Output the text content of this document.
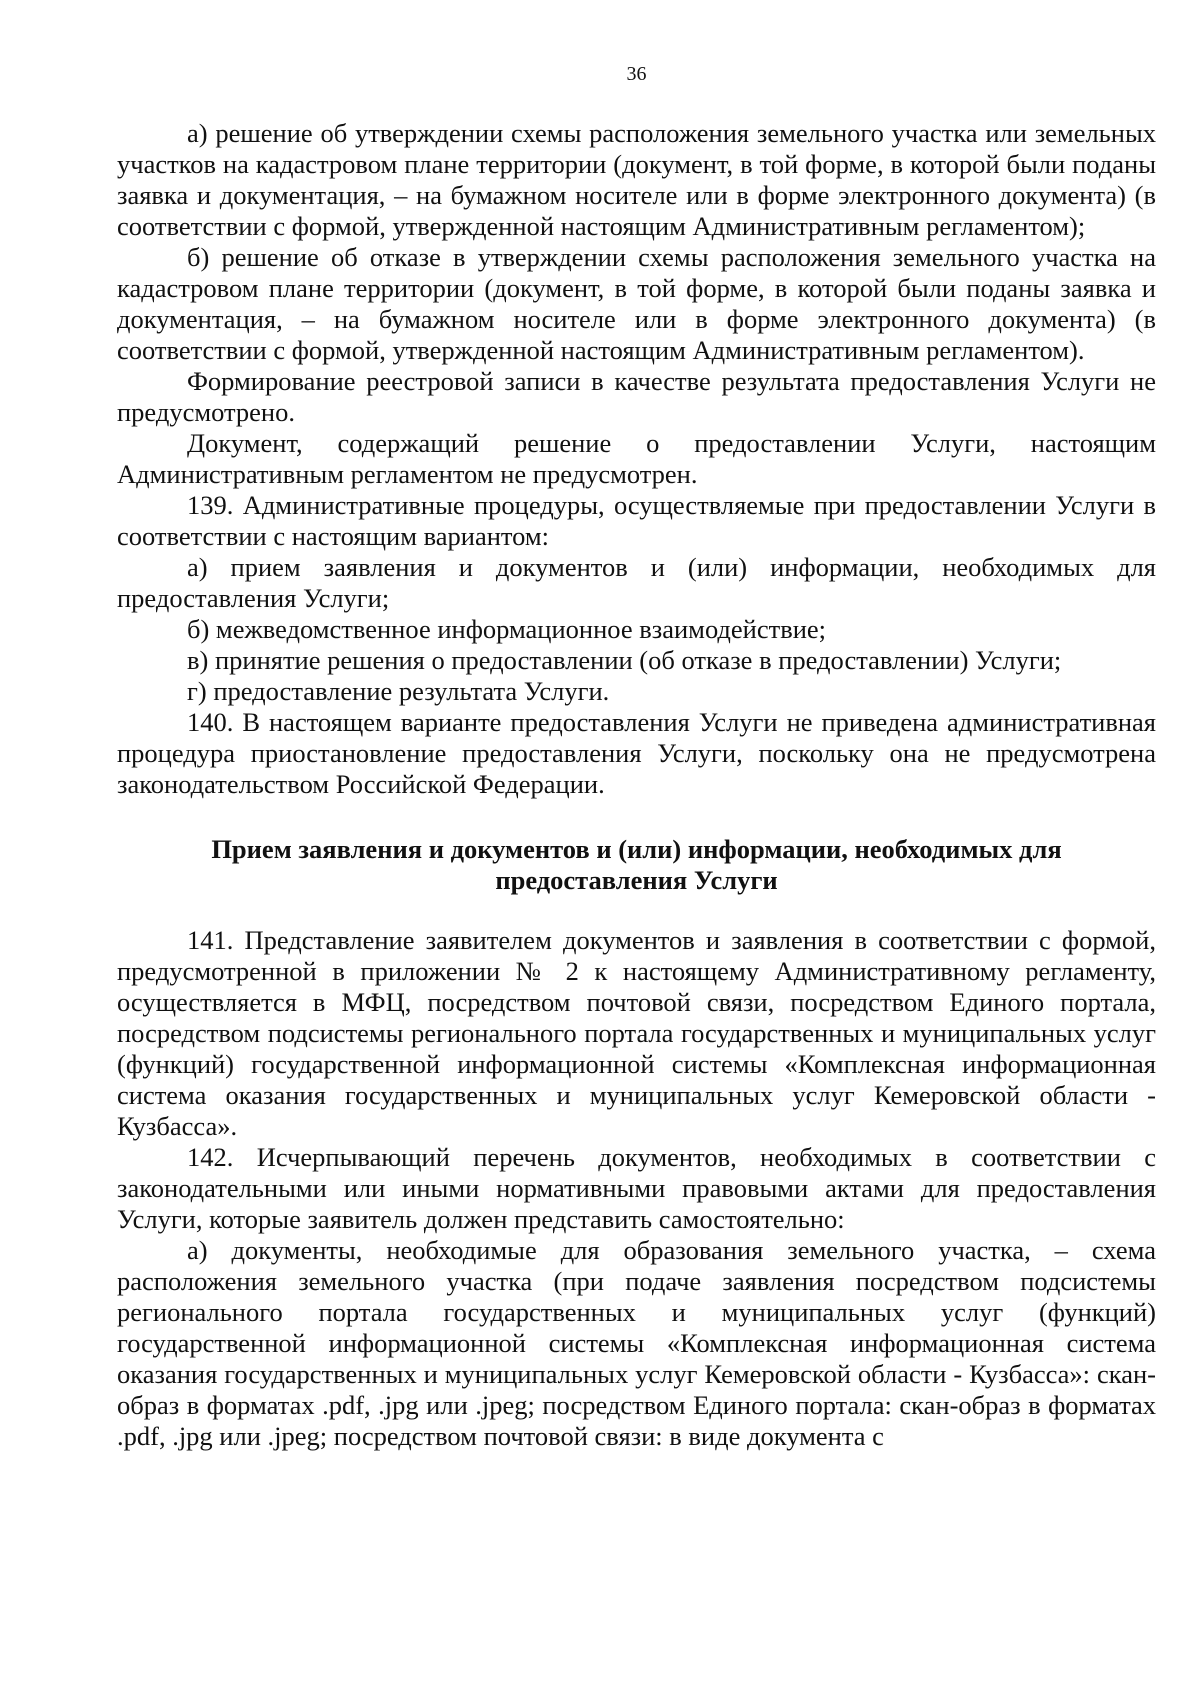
36

а) решение об утверждении схемы расположения земельного участка или земельных участков на кадастровом плане территории (документ, в той форме, в которой были поданы заявка и документация, – на бумажном носителе или в форме электронного документа) (в соответствии с формой, утвержденной настоящим Административным регламентом);

б) решение об отказе в утверждении схемы расположения земельного участка на кадастровом плане территории (документ, в той форме, в которой были поданы заявка и документация, – на бумажном носителе или в форме электронного документа) (в соответствии с формой, утвержденной настоящим Административным регламентом).

Формирование реестровой записи в качестве результата предоставления Услуги не предусмотрено.

Документ, содержащий решение о предоставлении Услуги, настоящим Административным регламентом не предусмотрен.

139. Административные процедуры, осуществляемые при предоставлении Услуги в соответствии с настоящим вариантом:

а) прием заявления и документов и (или) информации, необходимых для предоставления Услуги;

б) межведомственное информационное взаимодействие;

в) принятие решения о предоставлении (об отказе в предоставлении) Услуги;

г) предоставление результата Услуги.

140. В настоящем варианте предоставления Услуги не приведена административная процедура приостановление предоставления Услуги, поскольку она не предусмотрена законодательством Российской Федерации.

Прием заявления и документов и (или) информации, необходимых для предоставления Услуги

141. Представление заявителем документов и заявления в соответствии с формой, предусмотренной в приложении № 2 к настоящему Административному регламенту, осуществляется в МФЦ, посредством почтовой связи, посредством Единого портала, посредством подсистемы регионального портала государственных и муниципальных услуг (функций) государственной информационной системы «Комплексная информационная система оказания государственных и муниципальных услуг Кемеровской области - Кузбасса».

142. Исчерпывающий перечень документов, необходимых в соответствии с законодательными или иными нормативными правовыми актами для предоставления Услуги, которые заявитель должен представить самостоятельно:

а) документы, необходимые для образования земельного участка, – схема расположения земельного участка (при подаче заявления посредством подсистемы регионального портала государственных и муниципальных услуг (функций) государственной информационной системы «Комплексная информационная система оказания государственных и муниципальных услуг Кемеровской области - Кузбасса»: скан-образ в форматах .pdf, .jpg или .jpeg; посредством Единого портала: скан-образ в форматах .pdf, .jpg или .jpeg; посредством почтовой связи: в виде документа с
